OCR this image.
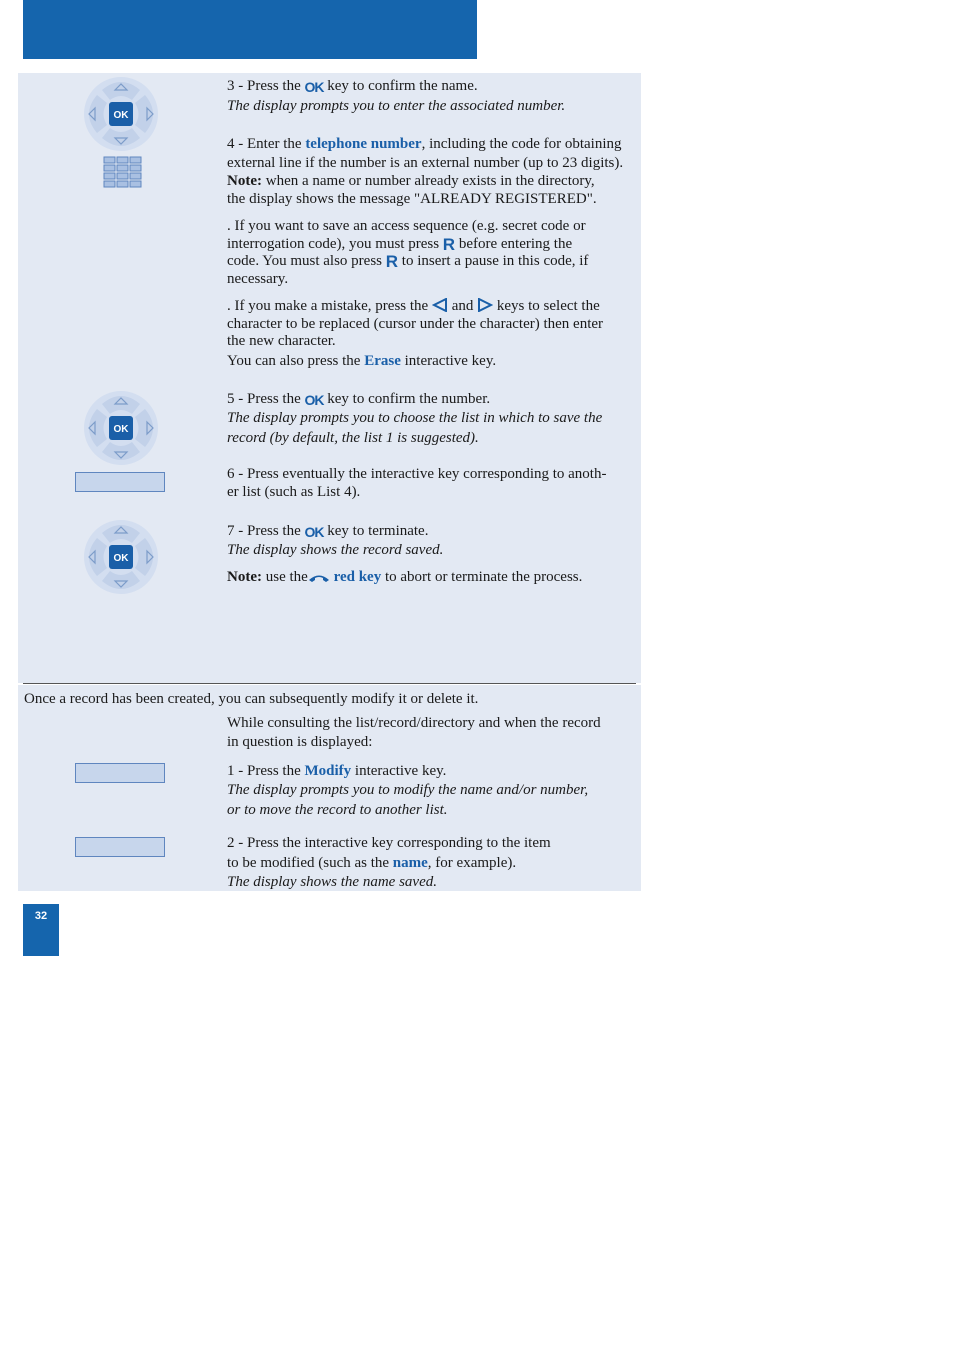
OK
OK
OK
3 - Press the OK key to confirm the name.
The display prompts you to enter the associated number.
4 - Enter the telephone number, including the code for obtaining
external line if the number is an external number (up to 23 digits).
Note: when a name or number already exists in the directory,
the display shows the message "ALREADY REGISTERED".
. If you want to save an access sequence (e.g. secret code or
interrogation code), you must press R before entering the
code. You must also press R to insert a pause in this code, if
necessary.
. If you make a mistake, press the and keys to select the
character to be replaced (cursor under the character) then enter
the new character.
You can also press the Erase interactive key.
5 - Press the OK key to confirm the number.
The display prompts you to choose the list in which to save the
record (by default, the list 1 is suggested).
6 - Press eventually the interactive key corresponding to anoth-
er list (such as List 4).
7 - Press the OK key to terminate.
The display shows the record saved.
Note: use the red key to abort or terminate the process.
Once a record has been created, you can subsequently modify it or delete it.
While consulting the list/record/directory and when the record
in question is displayed:
1 - Press the Modify interactive key.
The display prompts you to modify the name and/or number,
or to move the record to another list.
2 - Press the interactive key corresponding to the item
to be modified (such as the name, for example).
The display shows the name saved.
32
